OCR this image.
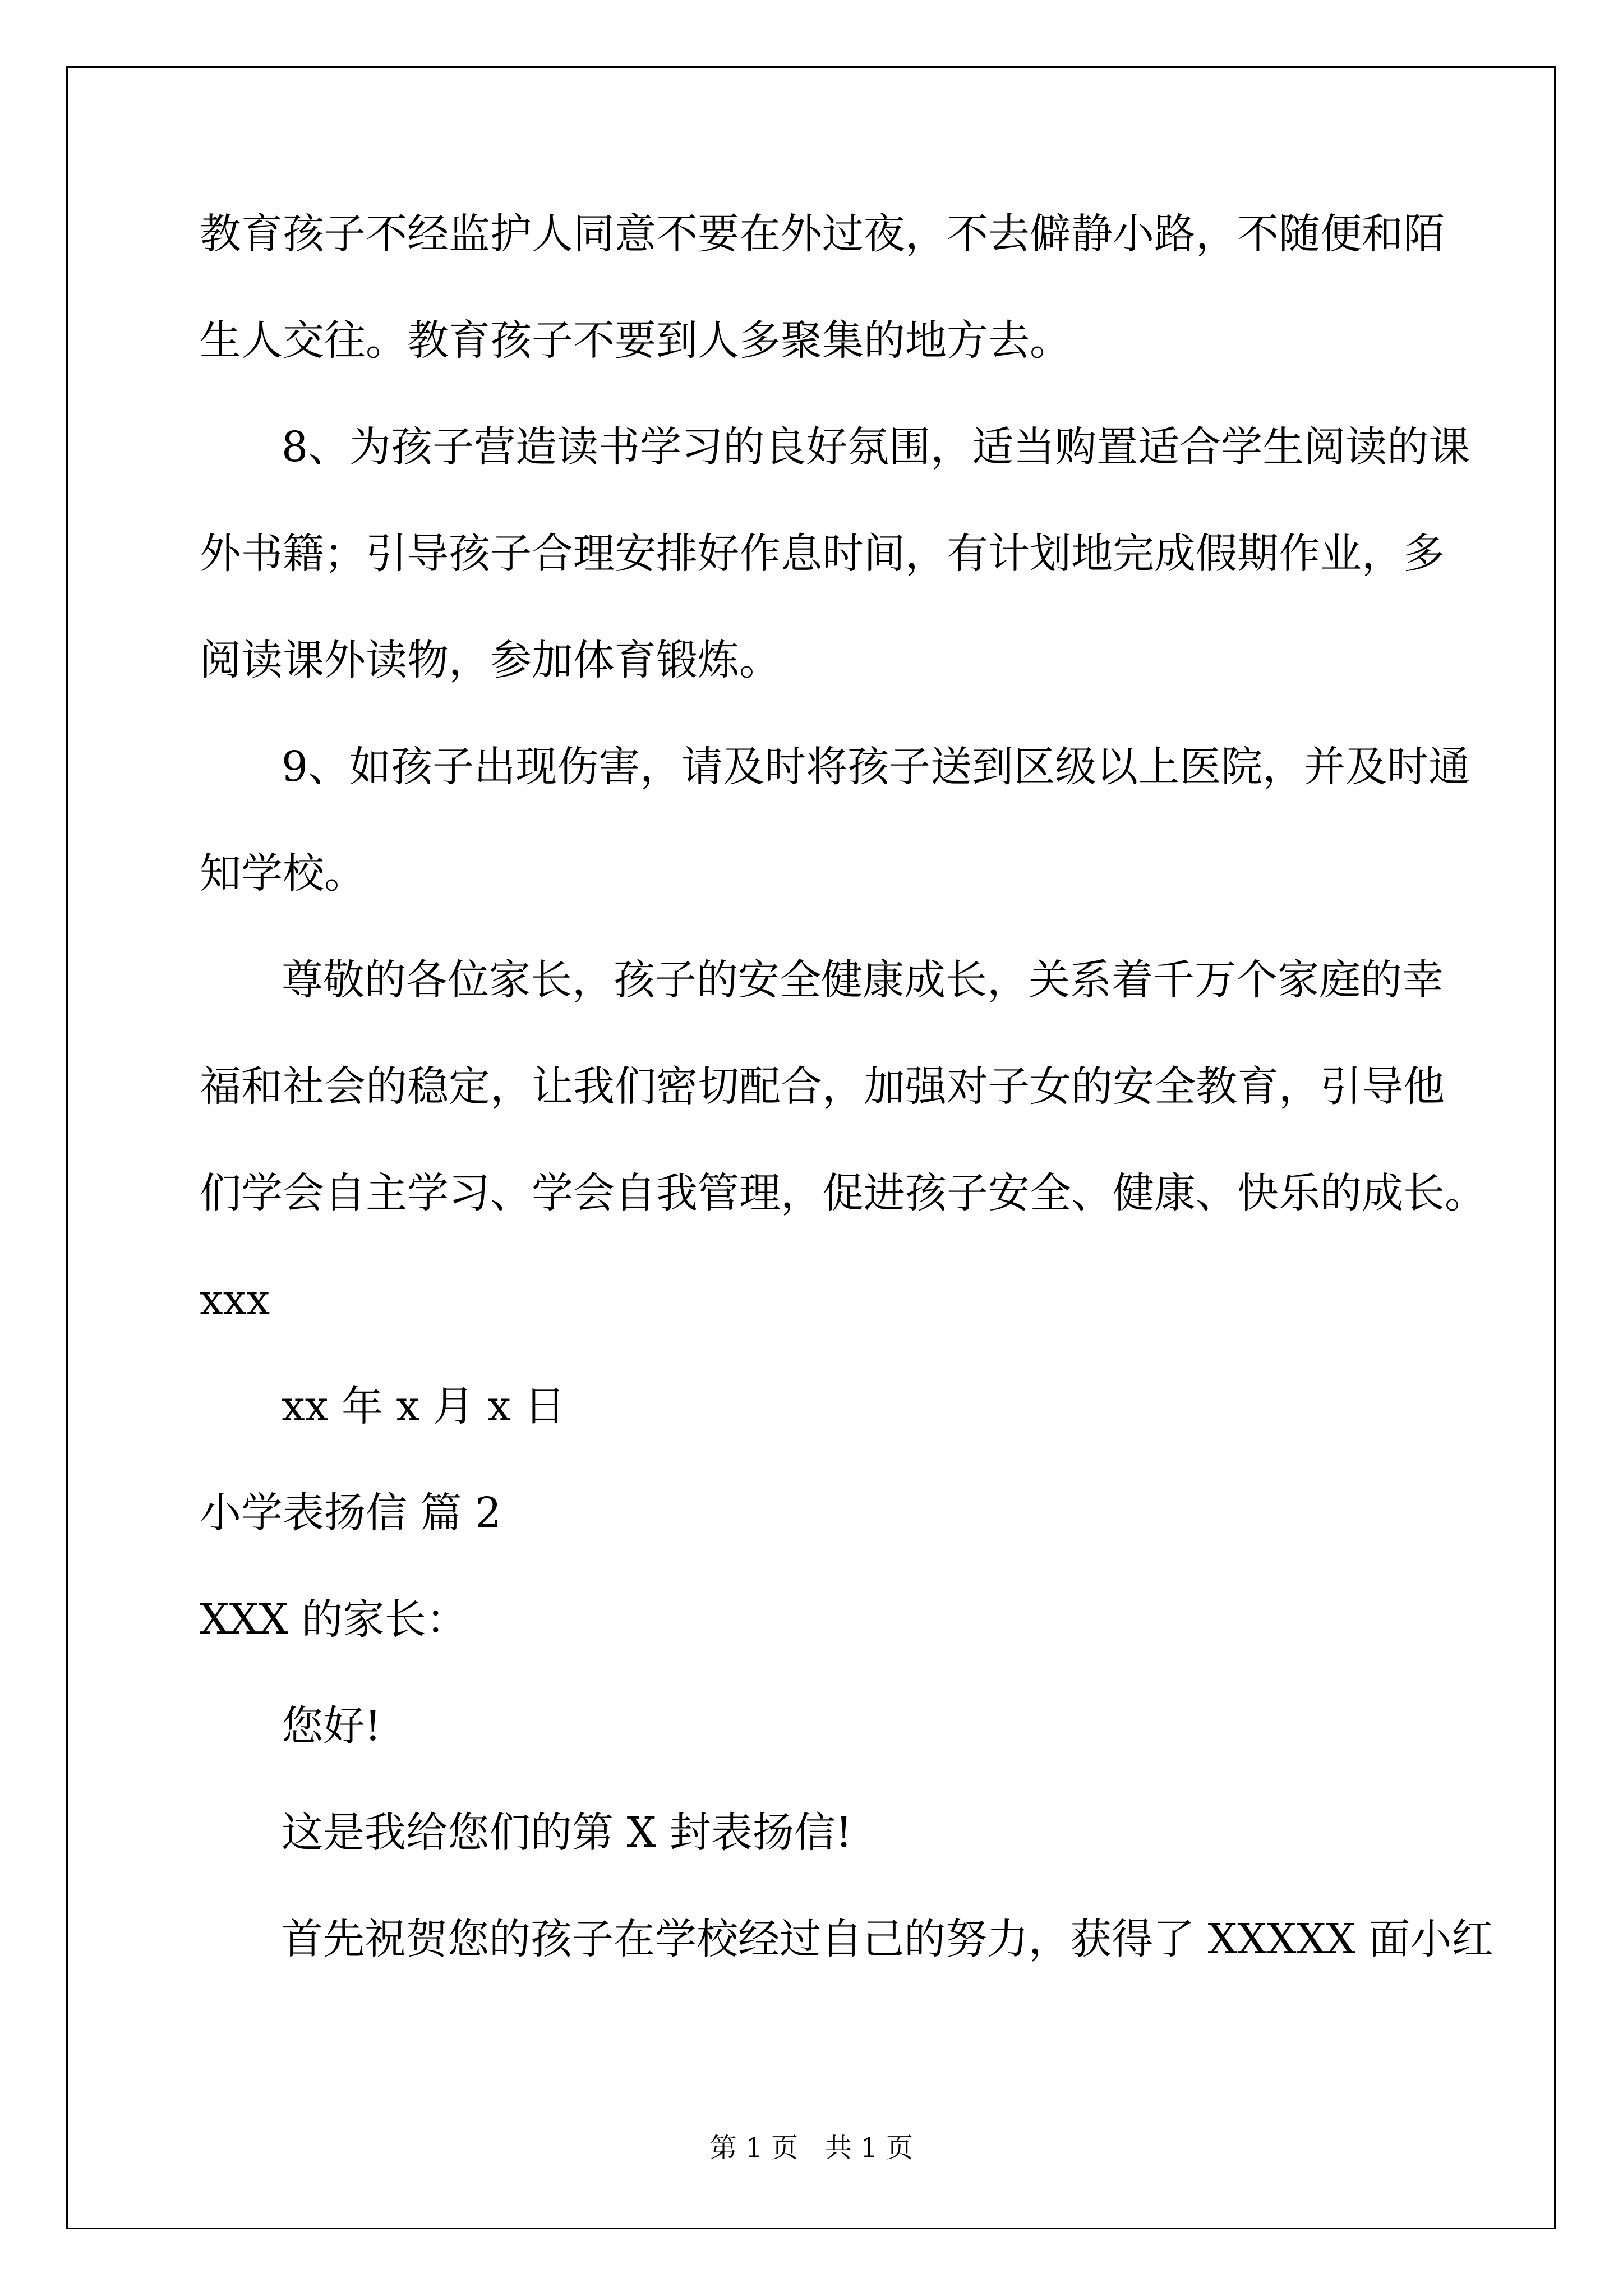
教育孩子不经监护人同意不要在外过夜，不去僻静小路，不随便和陌
生人交往。教育孩子不要到人多聚集的地方去。
8、为孩子营造读书学习的良好氛围，适当购置适合学生阅读的课
外书籍；引导孩子合理安排好作息时间，有计划地完成假期作业，多
阅读课外读物，参加体育锻炼。
9、如孩子出现伤害，请及时将孩子送到区级以上医院，并及时通
知学校。
尊敬的各位家长，孩子的安全健康成长，关系着千万个家庭的幸
福和社会的稳定，让我们密切配合，加强对子女的安全教育，引导他
们学会自主学习、学会自我管理，促进孩子安全、健康、快乐的成长。
xxx
xx 年 x 月 x 日
小学表扬信 篇 2
XXX 的家长：
您好!
这是我给您们的第 X 封表扬信!
首先祝贺您的孩子在学校经过自己的努力，获得了 XXXXX 面小红
第 1 页　共 1 页
